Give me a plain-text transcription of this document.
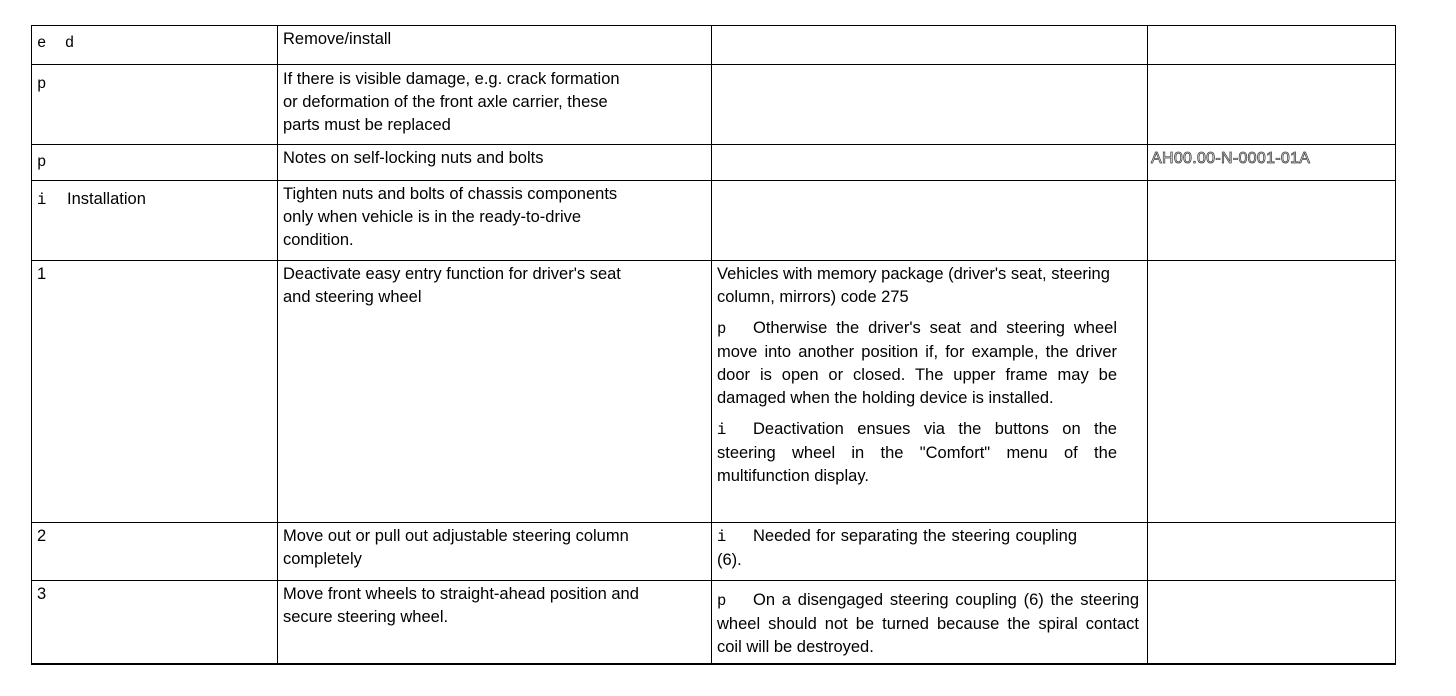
e  d	Remove/install		
p	If there is visible damage, e.g. crack formation or deformation of the front axle carrier, these parts must be replaced		
p	Notes on self-locking nuts and bolts		AH00.00-N-0001-01A
i Installation	Tighten nuts and bolts of chassis components only when vehicle is in the ready-to-drive condition.		
1	Deactivate easy entry function for driver's seat and steering wheel	Vehicles with memory package (driver's seat, steering column, mirrors) code 275
p Otherwise the driver's seat and steering wheel move into another position if, for example, the driver door is open or closed. The upper frame may be damaged when the holding device is installed.
i Deactivation ensues via the buttons on the steering wheel in the "Comfort" menu of the multifunction display.	

2	Move out or pull out adjustable steering column completely	i Needed for separating the steering coupling (6).	

3	Move front wheels to straight-ahead position and secure steering wheel.	p On a disengaged steering coupling (6) the steering wheel should not be turned because the spiral contact coil will be destroyed.	
